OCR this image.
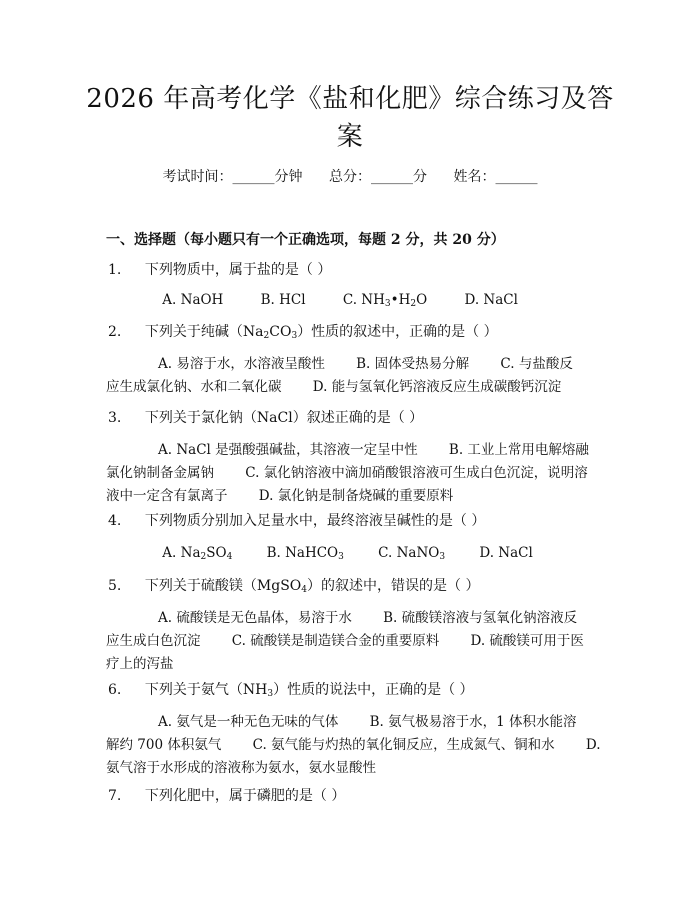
2026 年高考化学《盐和化肥》综合练习及答
案
考试时间：______分钟 总分：______分 姓名：______
一、选择题（每小题只有一个正确选项，每题 2 分，共 20 分）
1. 下列物质中，属于盐的是（ ）
A. NaOH	B. HCl	C. $NH_3•H_2O$	D. NaCl
2. 下列关于纯碱$(Na_2CO_3)$性质的叙述中，正确的是（ ）
A. 易溶于水，水溶液呈酸性　　 B. 固体受热易分解　　 C. 与盐酸反
应生成氯化钠、水和二氧化碳　　 D. 能与氢氧化钙溶液反应生成碳酸钙沉淀
3. 下列关于氯化钠（NaCl）叙述正确的是（ ）
A. NaCl 是强酸强碱盐，其溶液一定呈中性　　 B. 工业上常用电解熔融
氯化钠制备金属钠　　 C. 氯化钠溶液中滴加硝酸银溶液可生成白色沉淀，说明溶
液中一定含有氯离子　　 D. 氯化钠是制备烧碱的重要原料
4. 下列物质分别加入足量水中，最终溶液呈碱性的是（ ）
A. $Na_2SO_4$	B. NaHCO$_3$	C. NaNO$_3$	D. NaCl
5. 下列关于硫酸镁（MgSO$_4$）的叙述中，错误的是（ ）
A. 硫酸镁是无色晶体，易溶于水　　 B. 硫酸镁溶液与氢氧化钠溶液反
应生成白色沉淀　　 C. 硫酸镁是制造镁合金的重要原料　　 D. 硫酸镁可用于医
疗上的泻盐
6. 下列关于氨气$(NH_3)$性质的说法中，正确的是（ ）
A. 氨气是一种无色无味的气体　　 B. 氨气极易溶于水，1 体积水能溶
解约 700 体积氨气　　 C. 氨气能与灼热的氧化铜反应，生成氮气、铜和水　　 D.
氨气溶于水形成的溶液称为氨水，氨水显酸性
7. 下列化肥中，属于磷肥的是（ ）
